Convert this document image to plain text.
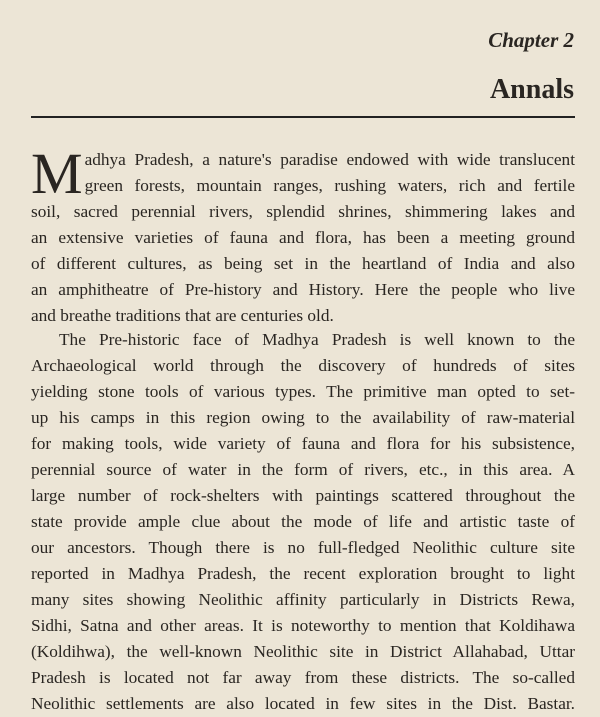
Chapter 2
Annals
M adhya Pradesh, a nature's paradise endowed with wide translucent
green forests, mountain ranges, rushing waters, rich and fertile
soil, sacred perennial rivers, splendid shrines, shimmering lakes and
an extensive varieties of fauna and flora, has been a meeting ground
of different cultures, as being set in the heartland of India and also
an amphitheatre of Pre-history and History. Here the people who live
and breathe traditions that are centuries old.
The Pre-historic face of Madhya Pradesh is well known to the
Archaeological world through the discovery of hundreds of sites
yielding stone tools of various types. The primitive man opted to set-
up his camps in this region owing to the availability of raw-material
for making tools, wide variety of fauna and flora for his subsistence,
perennial source of water in the form of rivers, etc., in this area. A
large number of rock-shelters with paintings scattered throughout the
state provide ample clue about the mode of life and artistic taste of
our ancestors. Though there is no full-fledged Neolithic culture site
reported in Madhya Pradesh, the recent exploration brought to light
many sites showing Neolithic affinity particularly in Districts Rewa,
Sidhi, Satna and other areas. It is noteworthy to mention that Koldihawa
(Koldihwa), the well-known Neolithic site in District Allahabad, Uttar
Pradesh is located not far away from these districts. The so-called
Neolithic settlements are also located in few sites in the Dist. Bastar.
